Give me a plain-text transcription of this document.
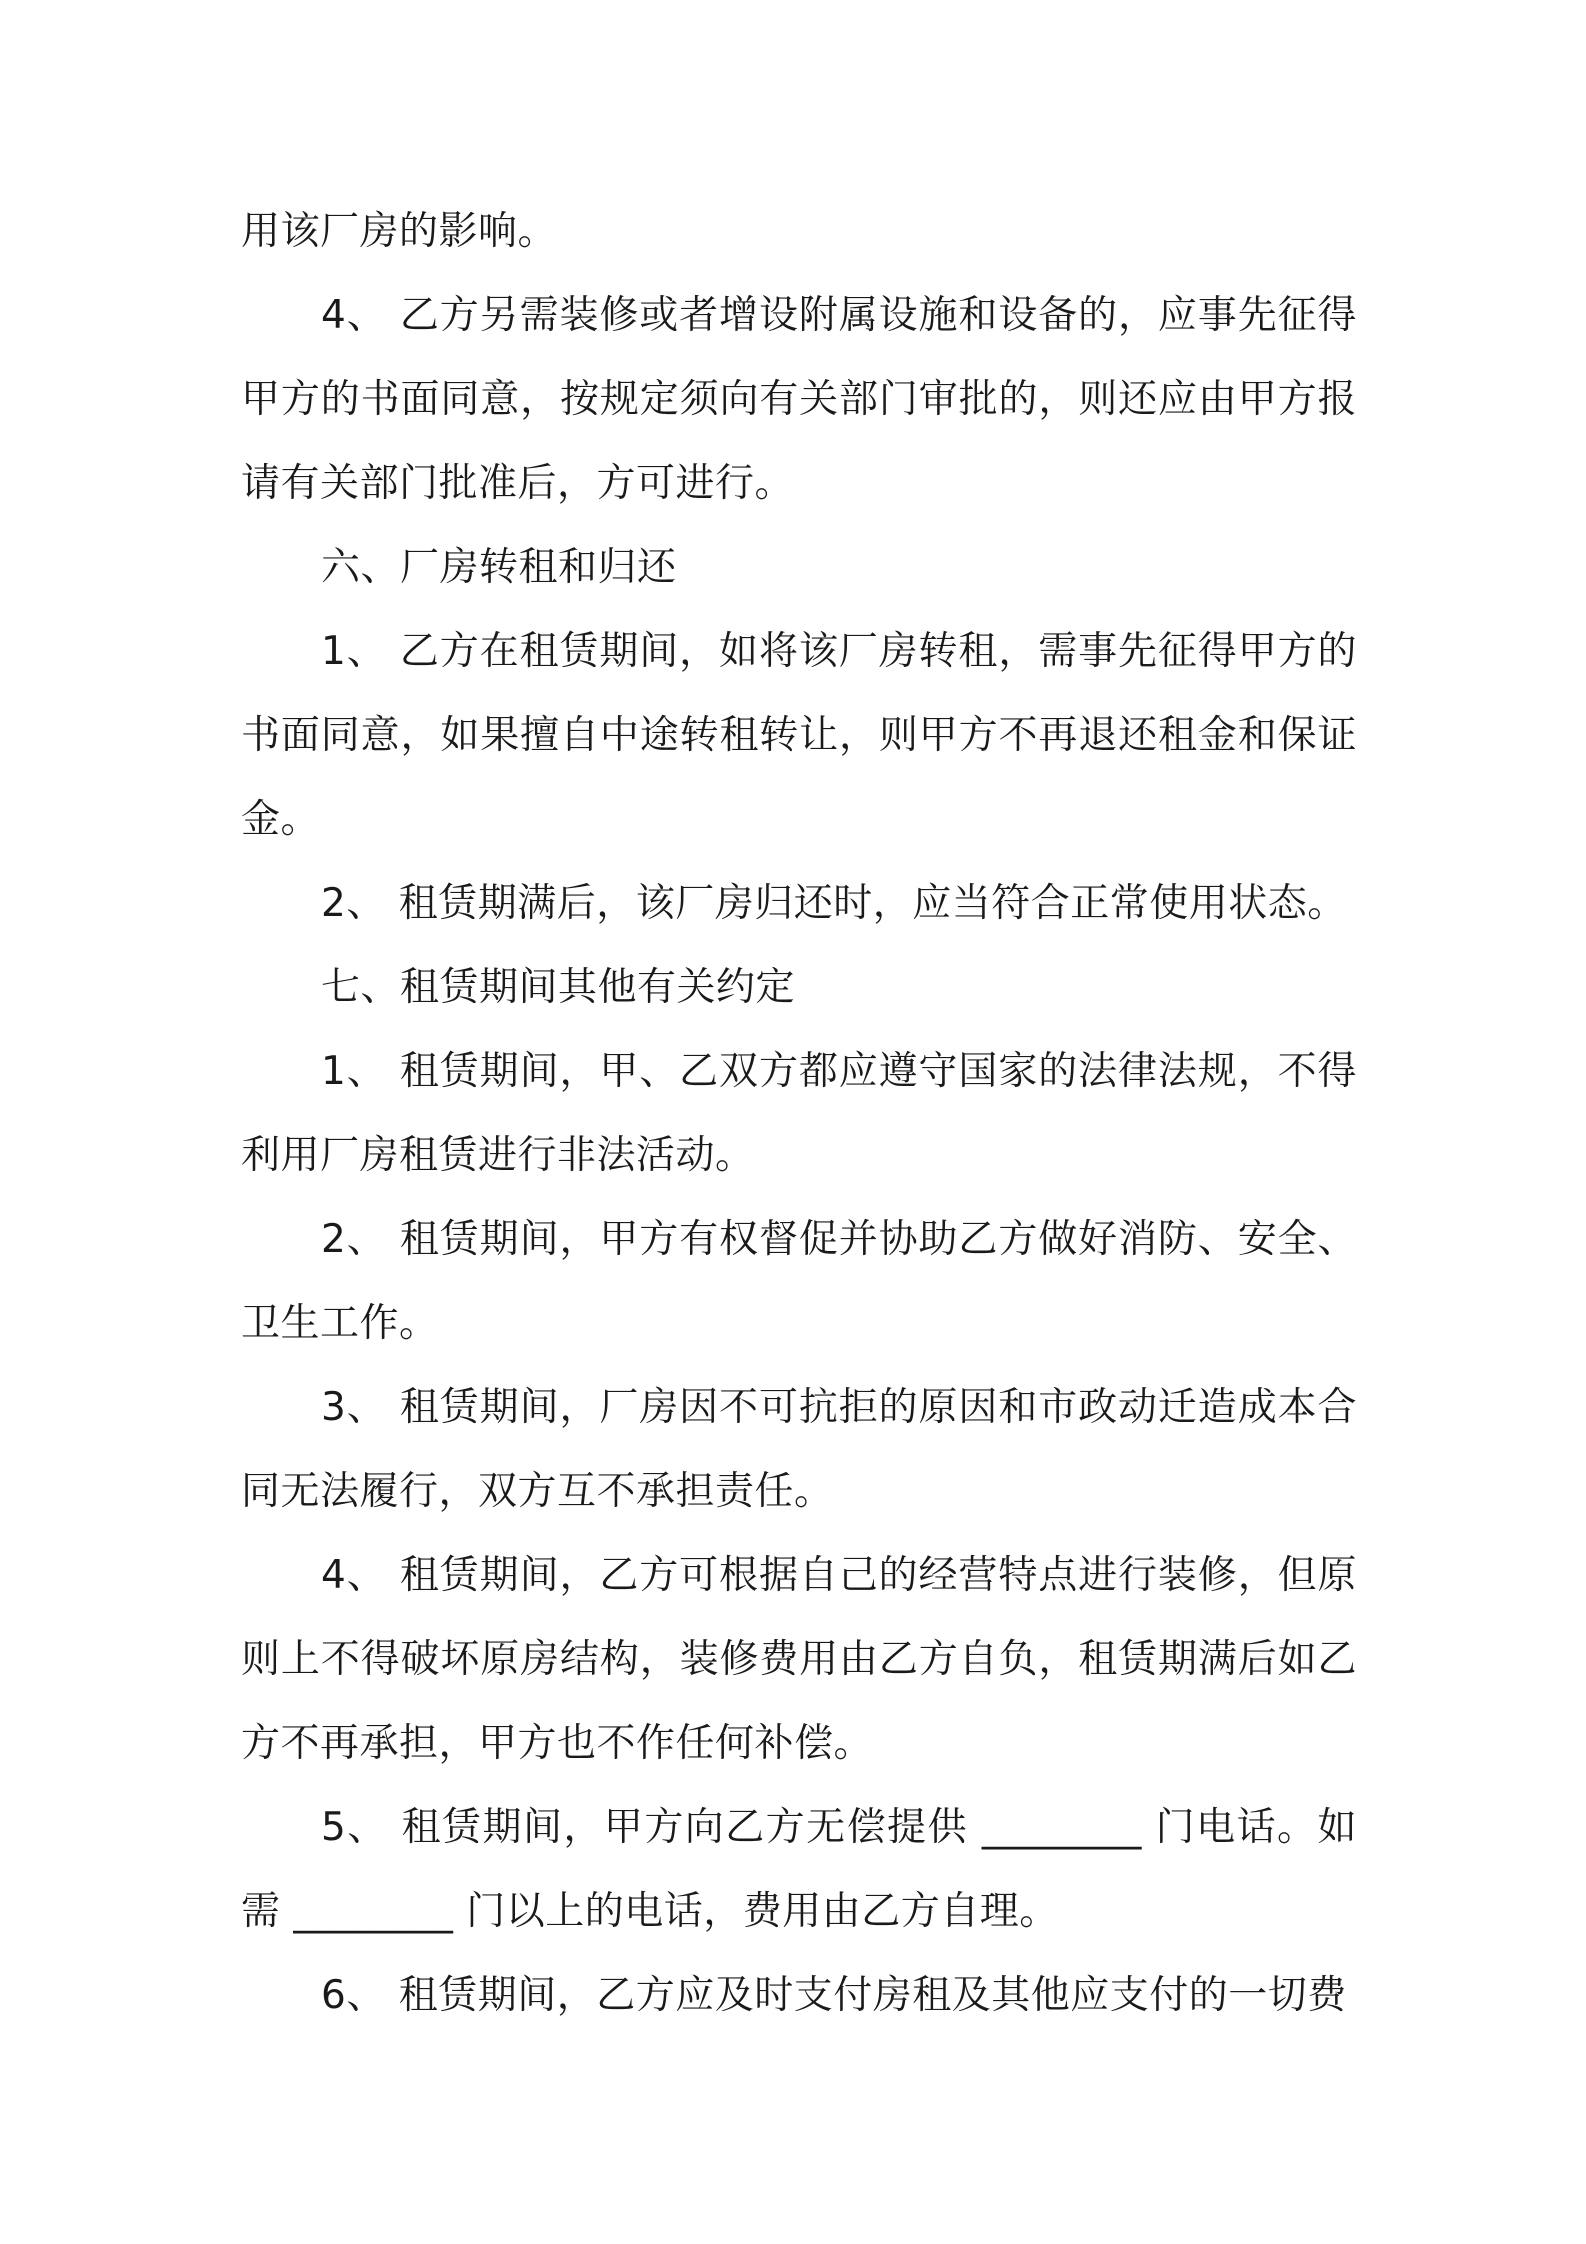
用该厂房的影响。

4、 乙方另需装修或者增设附属设施和设备的，应事先征得甲方的书面同意，按规定须向有关部门审批的，则还应由甲方报请有关部门批准后，方可进行。

六、厂房转租和归还

1、 乙方在租赁期间，如将该厂房转租，需事先征得甲方的书面同意，如果擅自中途转租转让，则甲方不再退还租金和保证金。

2、 租赁期满后，该厂房归还时，应当符合正常使用状态。

七、租赁期间其他有关约定

1、 租赁期间，甲、乙双方都应遵守国家的法律法规，不得利用厂房租赁进行非法活动。

2、 租赁期间，甲方有权督促并协助乙方做好消防、安全、卫生工作。

3、 租赁期间，厂房因不可抗拒的原因和市政动迁造成本合同无法履行，双方互不承担责任。

4、 租赁期间，乙方可根据自己的经营特点进行装修，但原则上不得破坏原房结构，装修费用由乙方自负，租赁期满后如乙方不再承担，甲方也不作任何补偿。

5、 租赁期间，甲方向乙方无偿提供 ________ 门电话。如需 ________ 门以上的电话，费用由乙方自理。

6、 租赁期间，乙方应及时支付房租及其他应支付的一切费
